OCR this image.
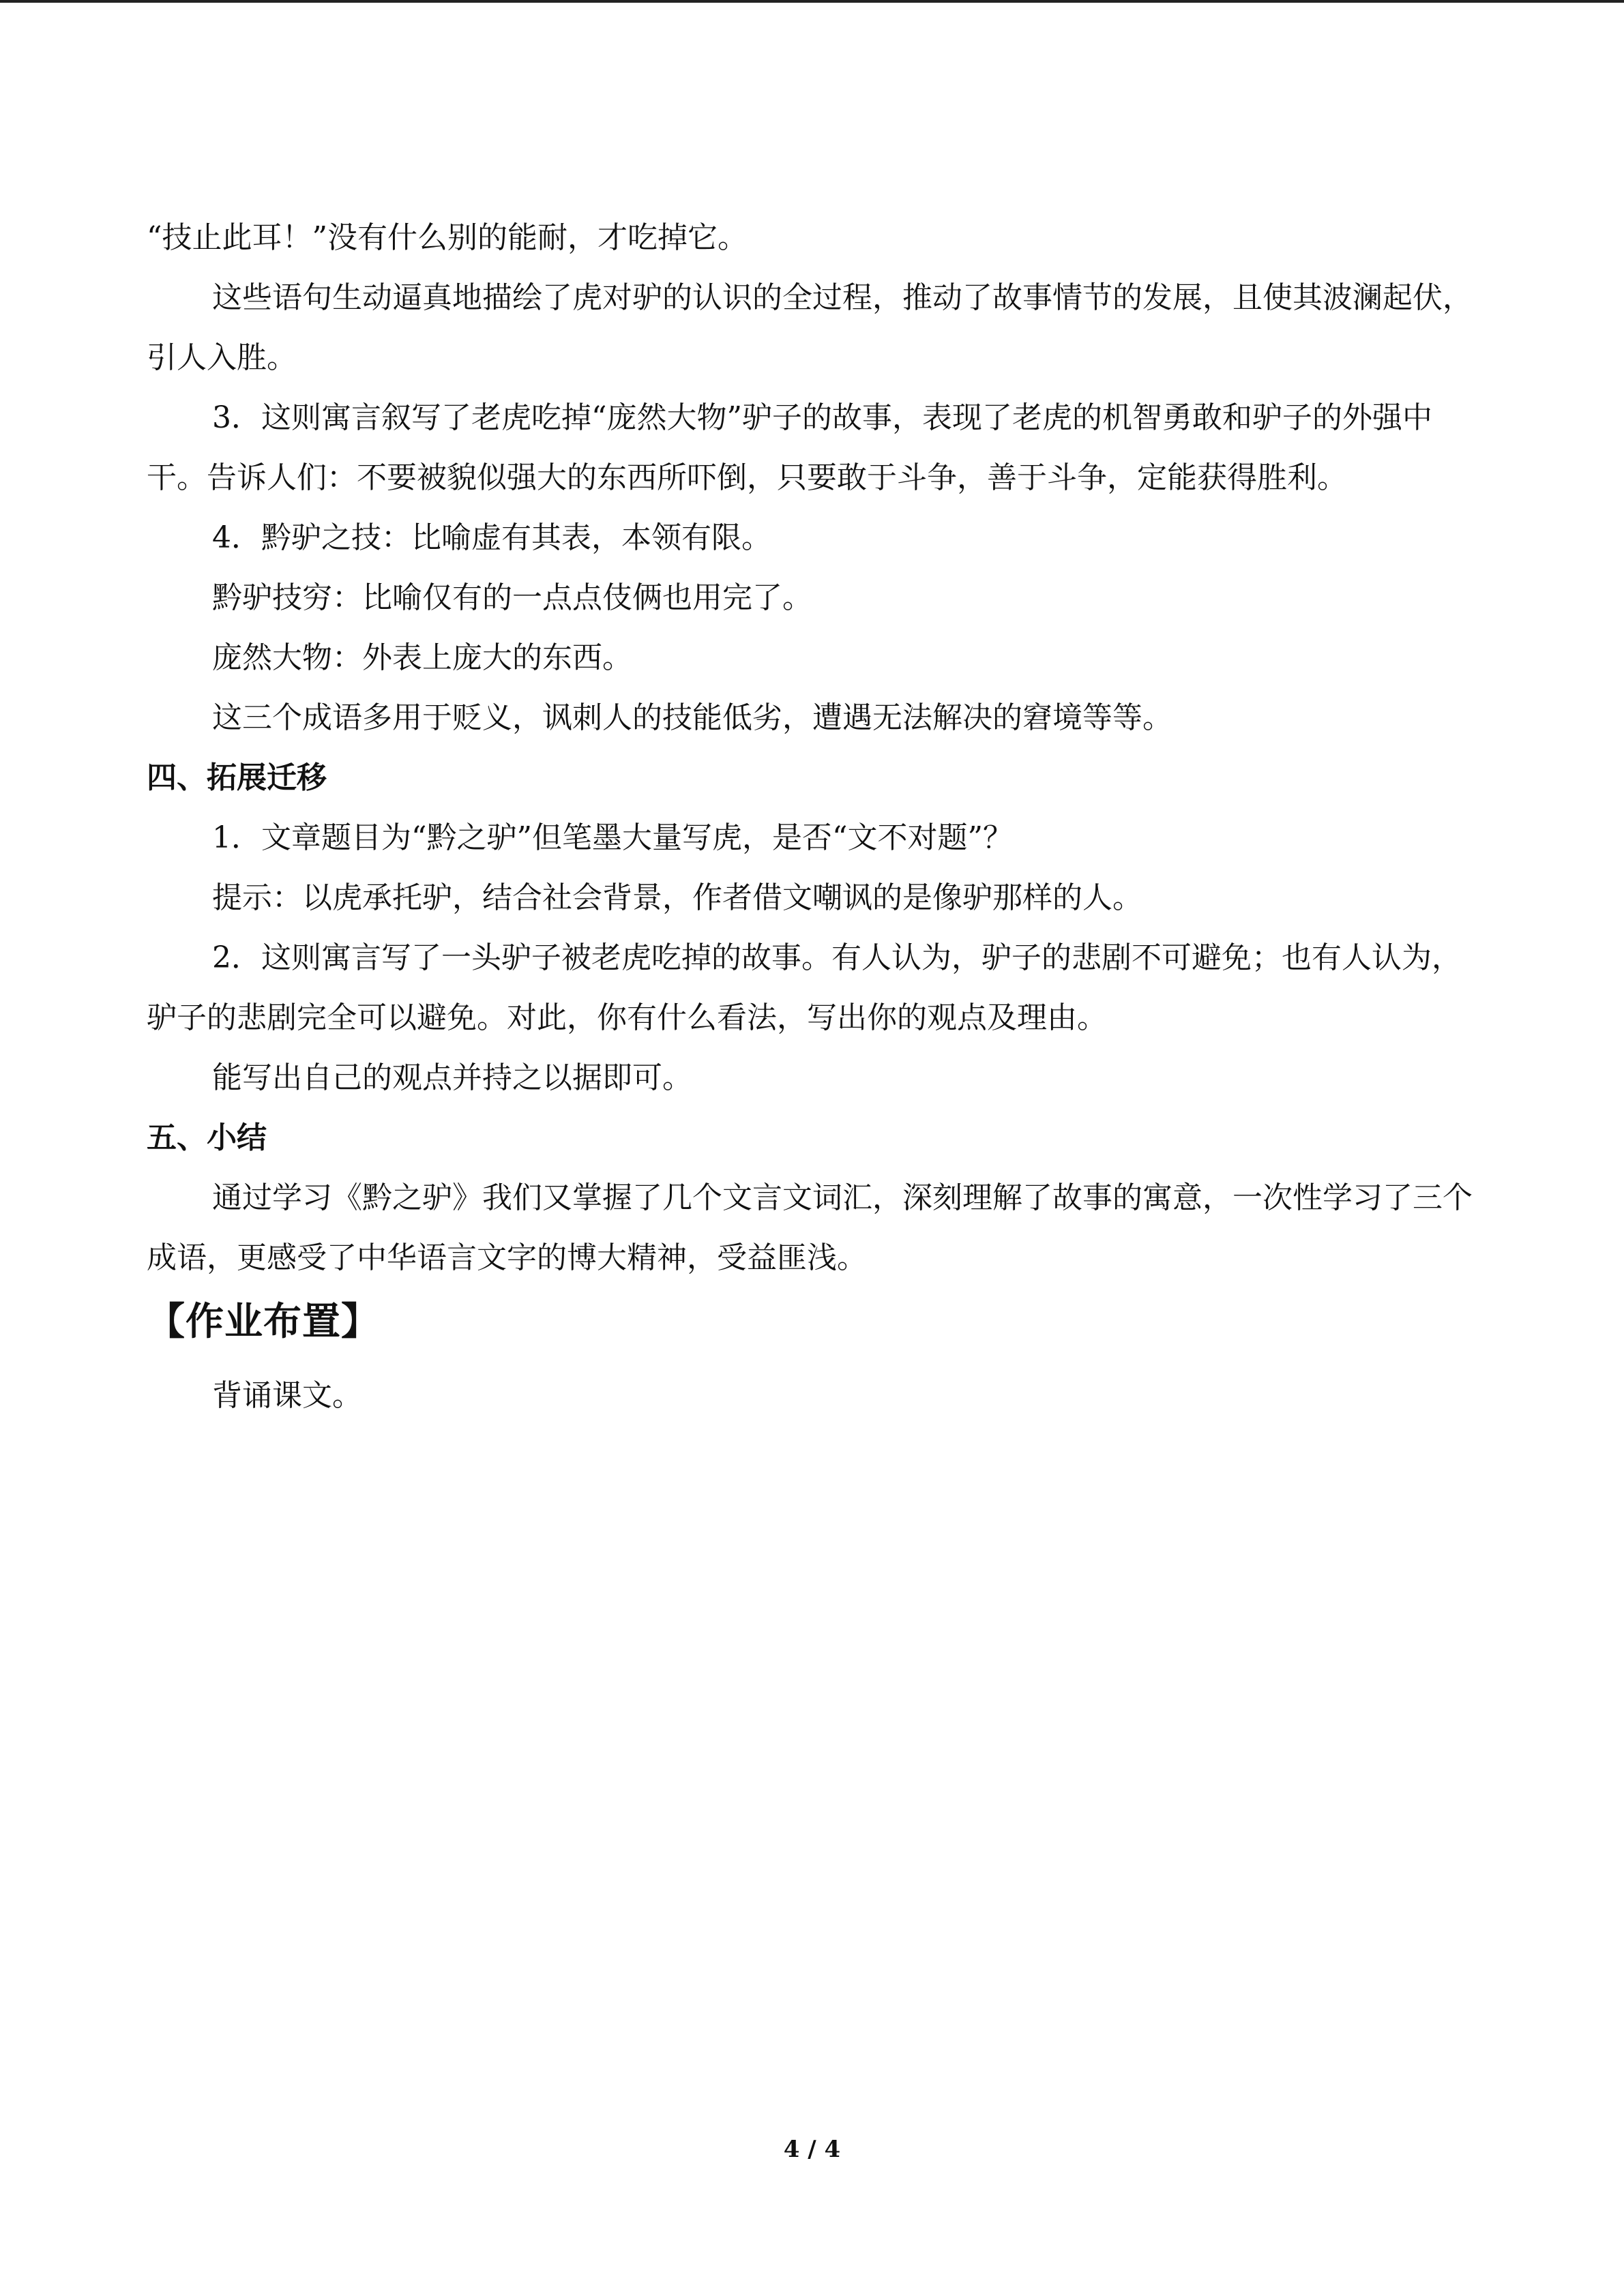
“技止此耳！”没有什么别的能耐，才吃掉它。

这些语句生动逼真地描绘了虎对驴的认识的全过程，推动了故事情节的发展，且使其波澜起伏，引人入胜。

3．这则寓言叙写了老虎吃掉“庞然大物”驴子的故事，表现了老虎的机智勇敢和驴子的外强中干。告诉人们：不要被貌似强大的东西所吓倒，只要敢于斗争，善于斗争，定能获得胜利。

4．黔驴之技：比喻虚有其表，本领有限。

黔驴技穷：比喻仅有的一点点伎俩也用完了。

庞然大物：外表上庞大的东西。

这三个成语多用于贬义，讽刺人的技能低劣，遭遇无法解决的窘境等等。

四、拓展迁移

1．文章题目为“黔之驴”但笔墨大量写虎，是否“文不对题”？

提示：以虎承托驴，结合社会背景，作者借文嘲讽的是像驴那样的人。

2．这则寓言写了一头驴子被老虎吃掉的故事。有人认为，驴子的悲剧不可避免；也有人认为，驴子的悲剧完全可以避免。对此，你有什么看法，写出你的观点及理由。

能写出自己的观点并持之以据即可。

五、小结

通过学习《黔之驴》我们又掌握了几个文言文词汇，深刻理解了故事的寓意，一次性学习了三个成语，更感受了中华语言文字的博大精神，受益匪浅。

【作业布置】

背诵课文。

4 / 4
